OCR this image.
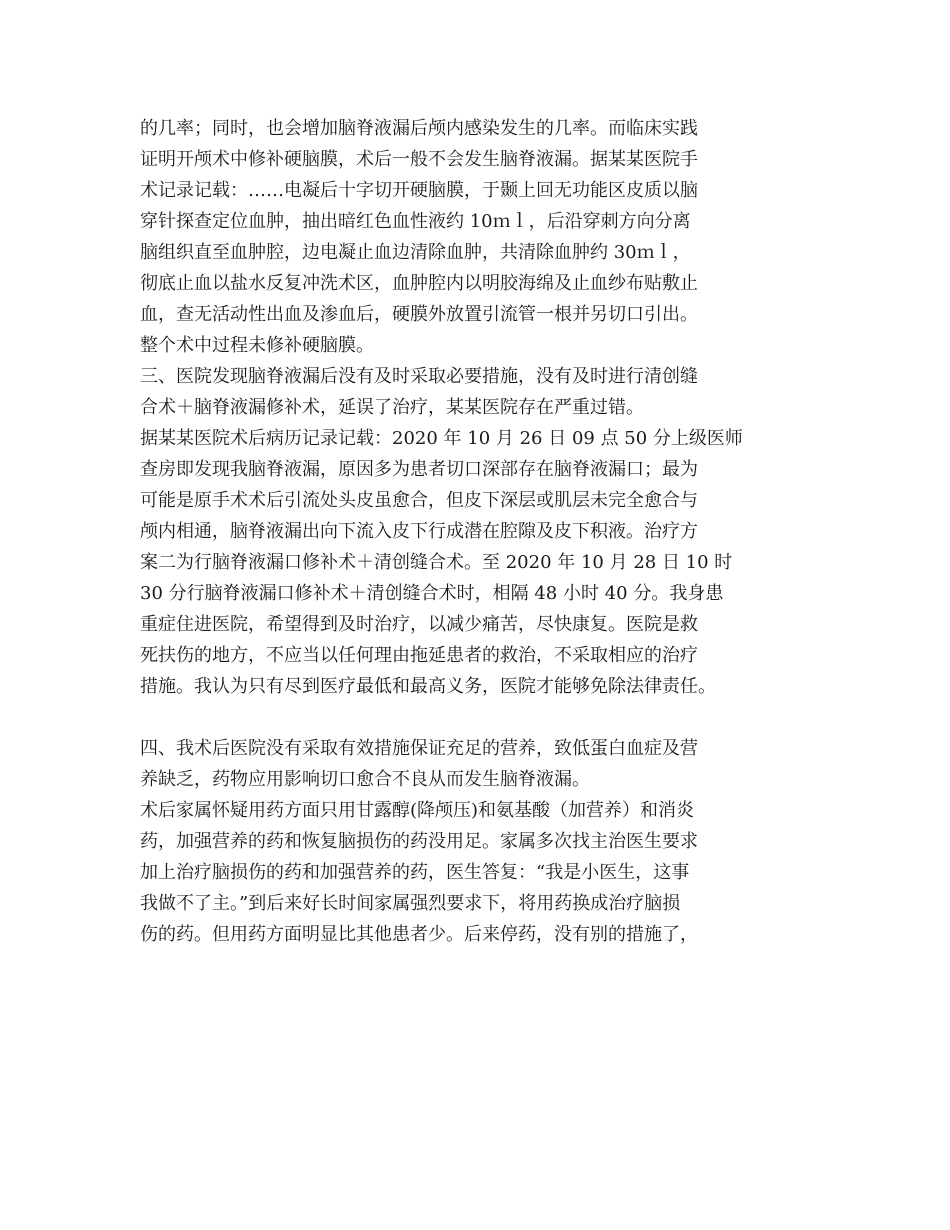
的几率；同时，也会增加脑脊液漏后颅内感染发生的几率。而临床实践
证明开颅术中修补硬脑膜，术后一般不会发生脑脊液漏。据某某医院手
术记录记载：……电凝后十字切开硬脑膜，于颞上回无功能区皮质以脑
穿针探查定位血肿，抽出暗红色血性液约 10ｍｌ，后沿穿刺方向分离
脑组织直至血肿腔，边电凝止血边清除血肿，共清除血肿约 30ｍｌ，
彻底止血以盐水反复冲洗术区，血肿腔内以明胶海绵及止血纱布贴敷止
血，查无活动性出血及渗血后，硬膜外放置引流管一根并另切口引出。
整个术中过程未修补硬脑膜。
三、医院发现脑脊液漏后没有及时采取必要措施，没有及时进行清创缝
合术＋脑脊液漏修补术，延误了治疗，某某医院存在严重过错。
据某某医院术后病历记录记载：2020 年 10 月 26 日 09 点 50 分上级医师
查房即发现我脑脊液漏，原因多为患者切口深部存在脑脊液漏口；最为
可能是原手术术后引流处头皮虽愈合，但皮下深层或肌层未完全愈合与
颅内相通，脑脊液漏出向下流入皮下行成潜在腔隙及皮下积液。治疗方
案二为行脑脊液漏口修补术＋清创缝合术。至 2020 年 10 月 28 日 10 时
30 分行脑脊液漏口修补术＋清创缝合术时，相隔 48 小时 40 分。我身患
重症住进医院，希望得到及时治疗，以减少痛苦，尽快康复。医院是救
死扶伤的地方，不应当以任何理由拖延患者的救治，不采取相应的治疗
措施。我认为只有尽到医疗最低和最高义务，医院才能够免除法律责任。
四、我术后医院没有采取有效措施保证充足的营养，致低蛋白血症及营
养缺乏，药物应用影响切口愈合不良从而发生脑脊液漏。
术后家属怀疑用药方面只用甘露醇(降颅压)和氨基酸（加营养）和消炎
药，加强营养的药和恢复脑损伤的药没用足。家属多次找主治医生要求
加上治疗脑损伤的药和加强营养的药，医生答复：“我是小医生，这事
我做不了主。”到后来好长时间家属强烈要求下，将用药换成治疗脑损
伤的药。但用药方面明显比其他患者少。后来停药，没有别的措施了，
